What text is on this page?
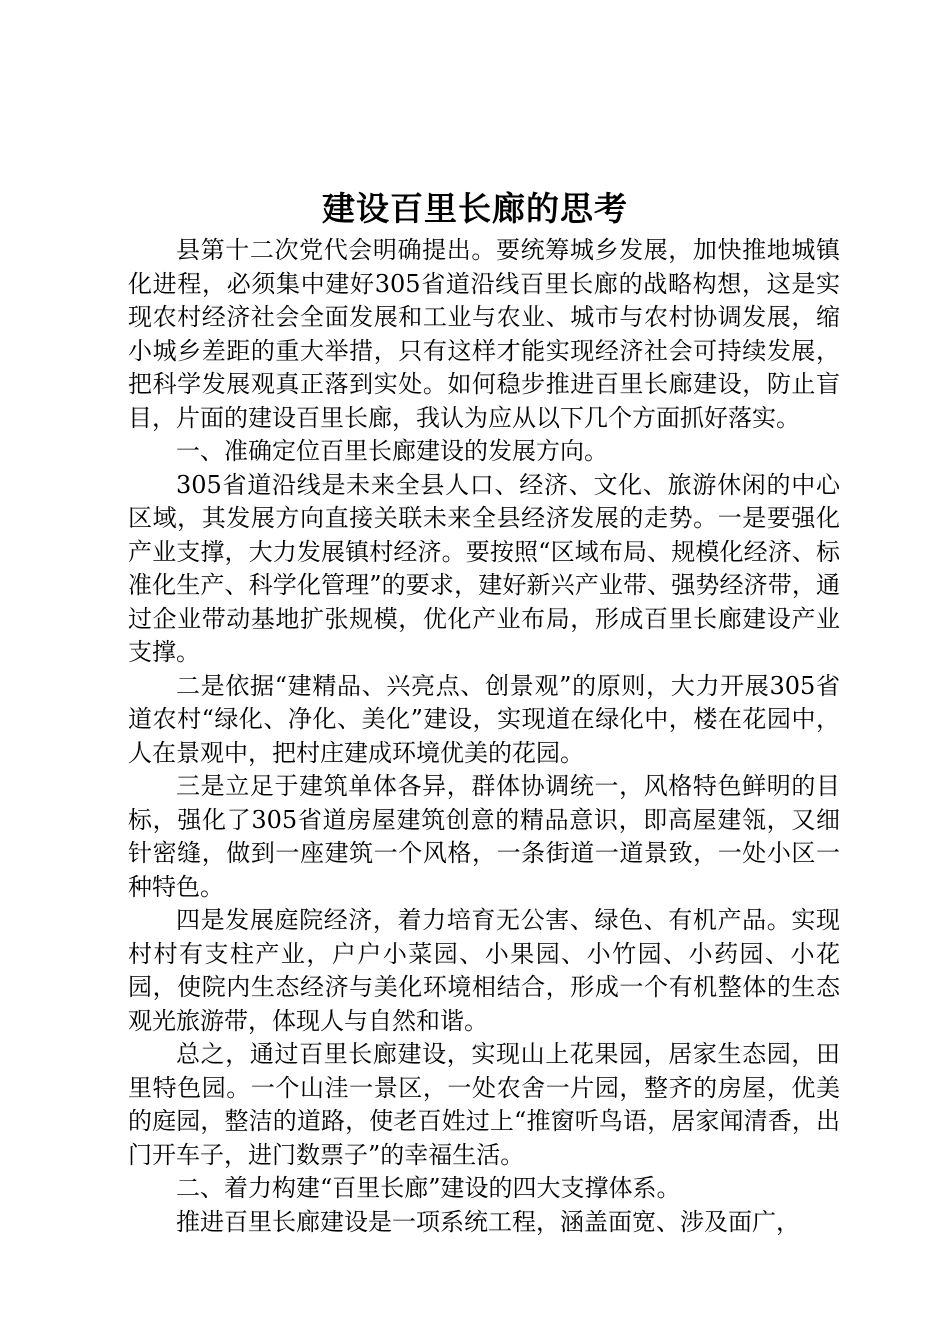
建设百里长廊的思考

县第十二次党代会明确提出。要统筹城乡发展，加快推地城镇化进程，必须集中建好305省道沿线百里长廊的战略构想，这是实现农村经济社会全面发展和工业与农业、城市与农村协调发展，缩小城乡差距的重大举措，只有这样才能实现经济社会可持续发展，把科学发展观真正落到实处。如何稳步推进百里长廊建设，防止盲目，片面的建设百里长廊，我认为应从以下几个方面抓好落实。

一、准确定位百里长廊建设的发展方向。

305省道沿线是未来全县人口、经济、文化、旅游休闲的中心区域，其发展方向直接关联未来全县经济发展的走势。一是要强化产业支撑，大力发展镇村经济。要按照“区域布局、规模化经济、标准化生产、科学化管理”的要求，建好新兴产业带、强势经济带，通过企业带动基地扩张规模，优化产业布局，形成百里长廊建设产业支撑。

二是依据“建精品、兴亮点、创景观”的原则，大力开展305省道农村“绿化、净化、美化”建设，实现道在绿化中，楼在花园中，人在景观中，把村庄建成环境优美的花园。

三是立足于建筑单体各异，群体协调统一，风格特色鲜明的目标，强化了305省道房屋建筑创意的精品意识，即高屋建瓴，又细针密缝，做到一座建筑一个风格，一条街道一道景致，一处小区一种特色。

四是发展庭院经济，着力培育无公害、绿色、有机产品。实现村村有支柱产业，户户小菜园、小果园、小竹园、小药园、小花园，使院内生态经济与美化环境相结合，形成一个有机整体的生态观光旅游带，体现人与自然和谐。

总之，通过百里长廊建设，实现山上花果园，居家生态园，田里特色园。一个山洼一景区，一处农舍一片园，整齐的房屋，优美的庭园，整洁的道路，使老百姓过上“推窗听鸟语，居家闻清香，出门开车子，进门数票子”的幸福生活。

二、着力构建“百里长廊”建设的四大支撑体系。

推进百里长廊建设是一项系统工程，涵盖面宽、涉及面广，
